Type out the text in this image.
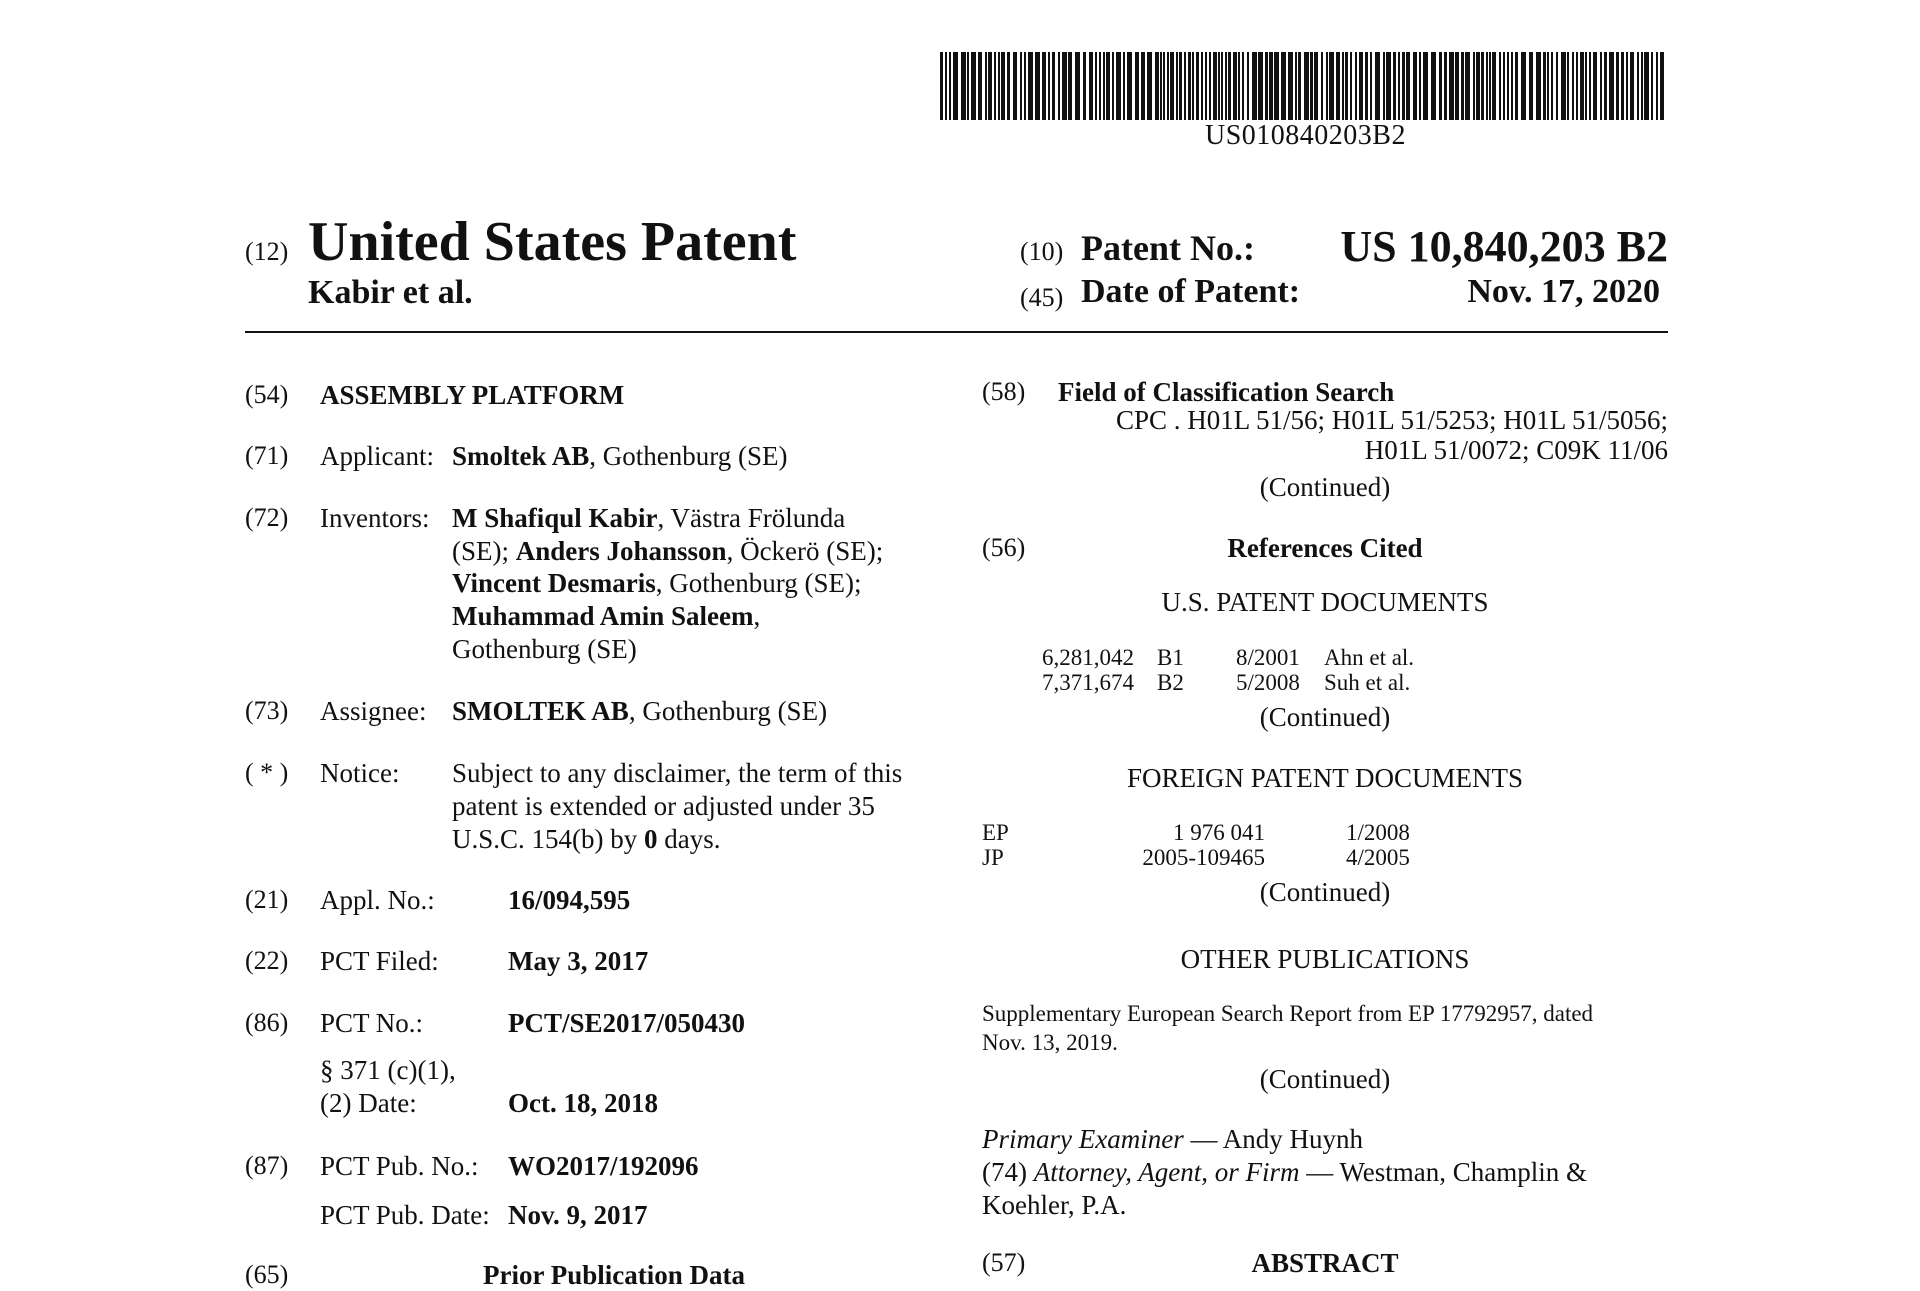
US010840203B2
(12) United States Patent
Kabir et al.
(10) Patent No.:	US 10,840,203 B2
(45) Date of Patent:	Nov. 17, 2020
(54) ASSEMBLY PLATFORM
(71) Applicant: Smoltek AB, Gothenburg (SE)
(72) Inventors: M Shafiqul Kabir, Västra Frölunda
(SE); Anders Johansson, Öckerö (SE);
Vincent Desmaris, Gothenburg (SE);
Muhammad Amin Saleem,
Gothenburg (SE)
(73) Assignee: SMOLTEK AB, Gothenburg (SE)
( * ) Notice: Subject to any disclaimer, the term of this
patent is extended or adjusted under 35
U.S.C. 154(b) by 0 days.
(21) Appl. No.:	16/094,595
(22) PCT Filed:	May 3, 2017
(86) PCT No.:	PCT/SE2017/050430
§ 371 (c)(1),
(2) Date:	Oct. 18, 2018
(87) PCT Pub. No.: WO2017/192096
PCT Pub. Date: Nov. 9, 2017
(65)	Prior Publication Data
(58) Field of Classification Search
CPC . H01L 51/56; H01L 51/5253; H01L 51/5056;
H01L 51/0072; C09K 11/06
(Continued)
(56)	References Cited
U.S. PATENT DOCUMENTS
6,281,042 B1 8/2001 Ahn et al.
7,371,674 B2 5/2008 Suh et al.
(Continued)
FOREIGN PATENT DOCUMENTS
EP	1 976 041	1/2008
JP	2005-109465	4/2005
(Continued)
OTHER PUBLICATIONS
Supplementary European Search Report from EP 17792957, dated
Nov. 13, 2019.
(Continued)
Primary Examiner — Andy Huynh
(74) Attorney, Agent, or Firm — Westman, Champlin &
Koehler, P.A.
(57)	ABSTRACT
